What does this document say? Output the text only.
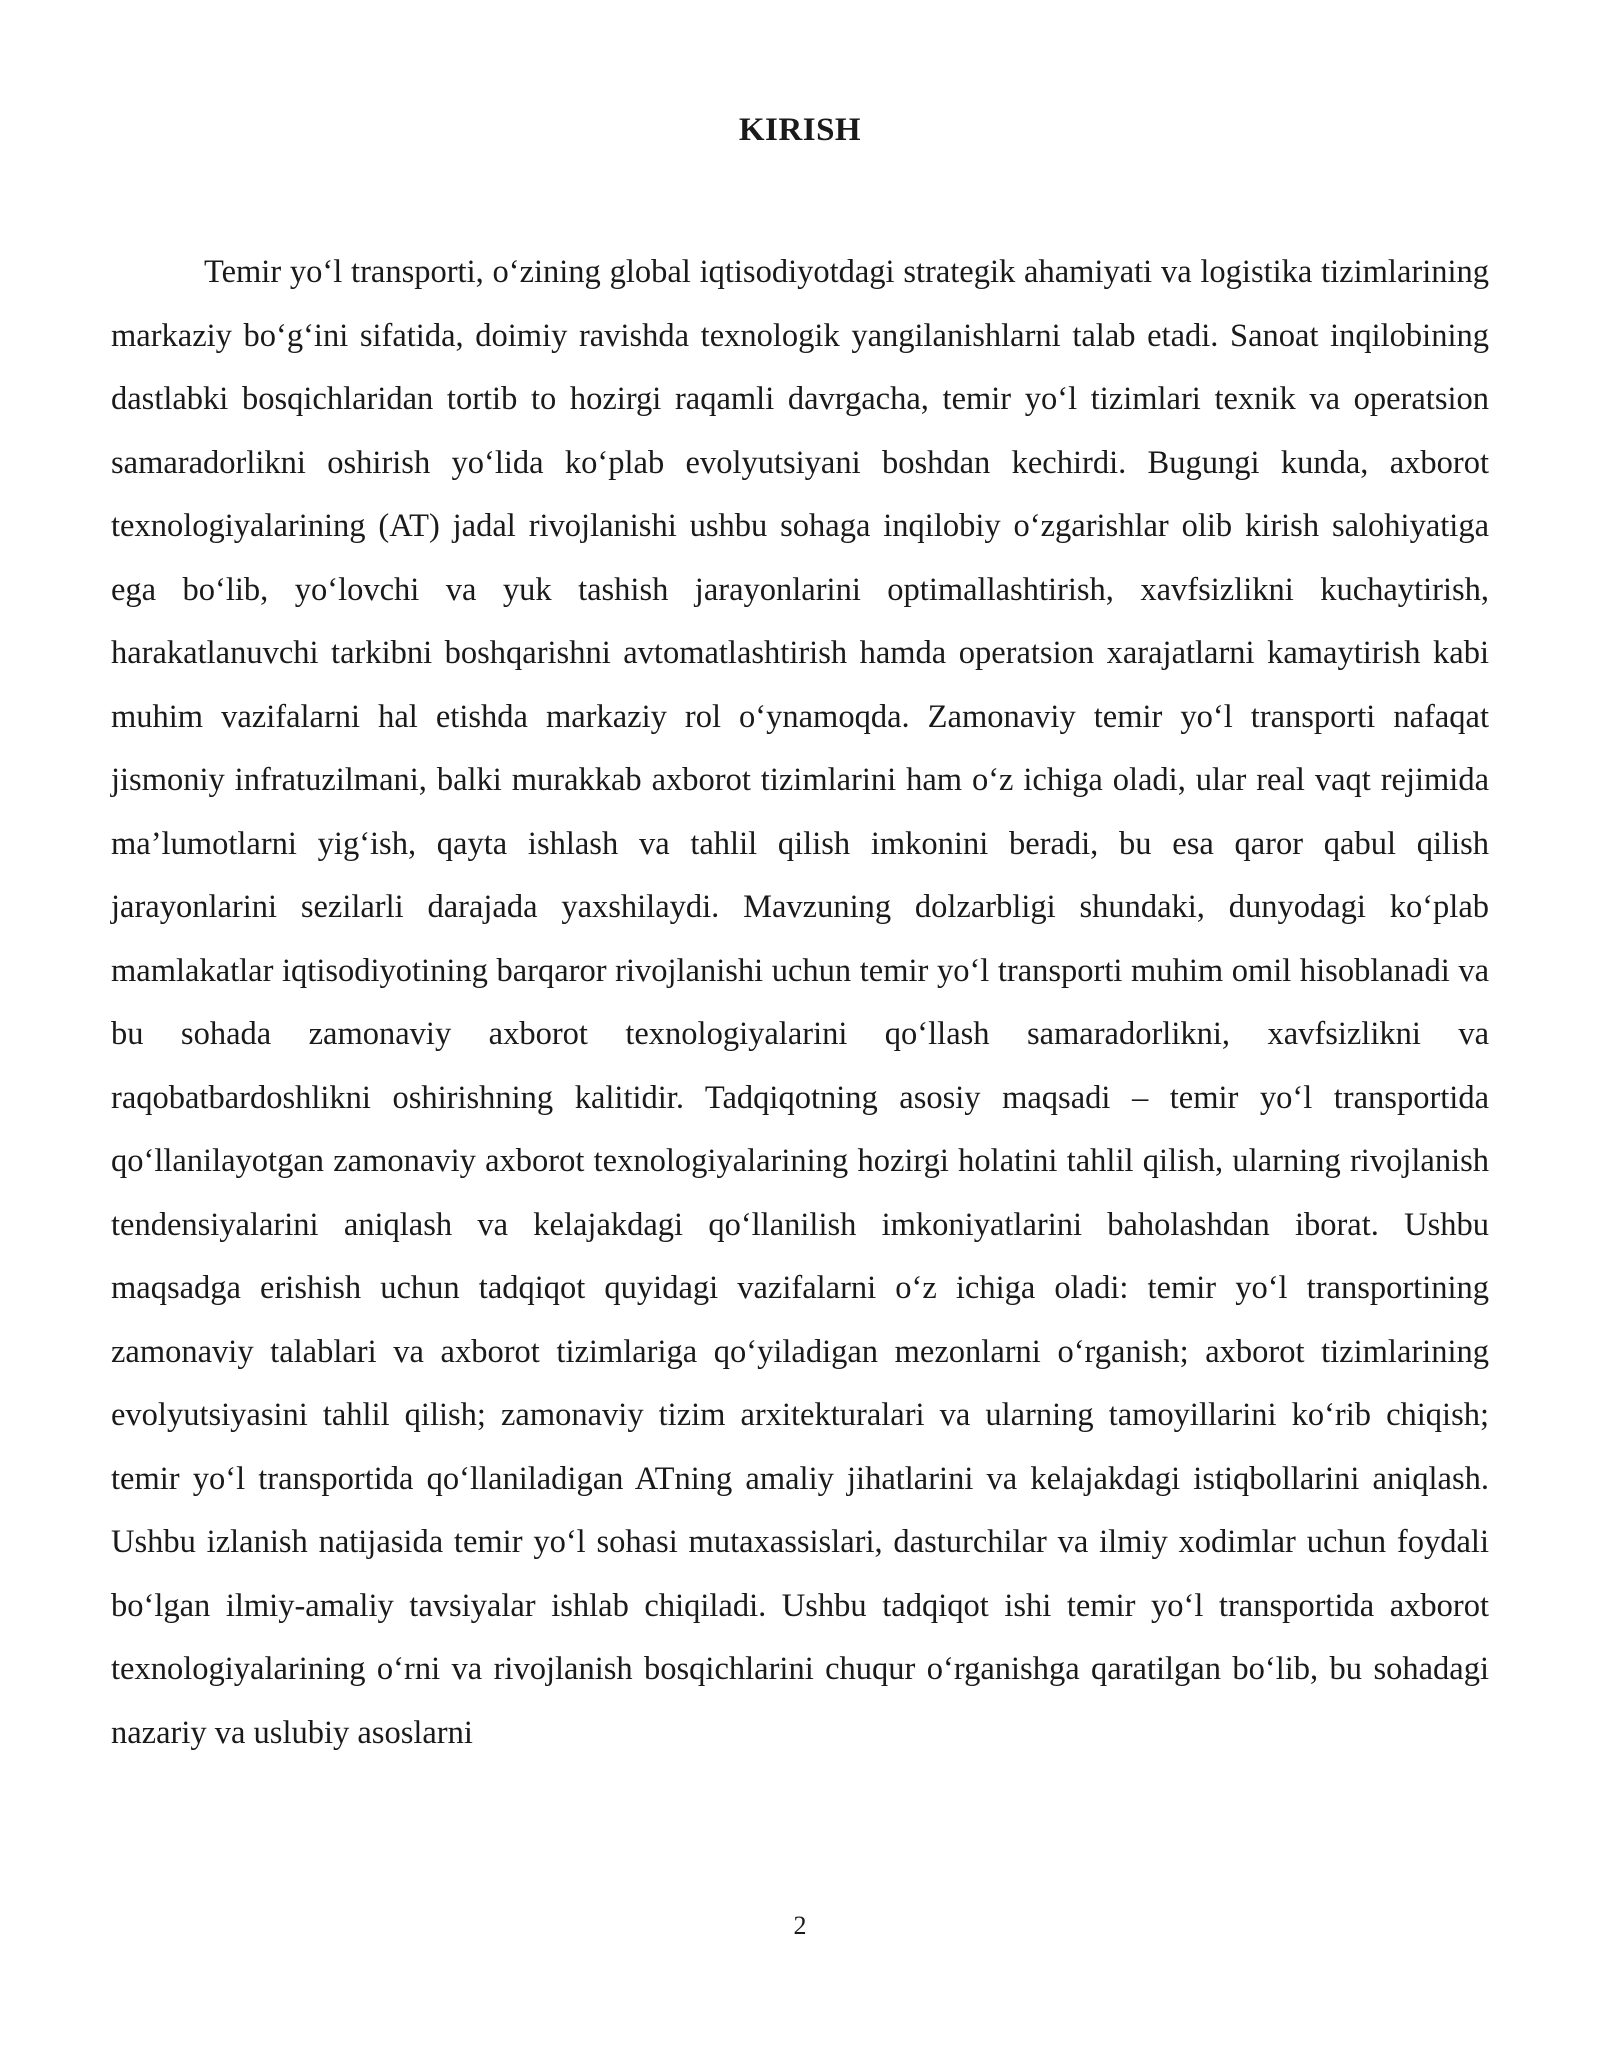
KIRISH

Temir yo‘l transporti, o‘zining global iqtisodiyotdagi strategik ahamiyati va logistika tizimlarining markaziy bo‘g‘ini sifatida, doimiy ravishda texnologik yangilanishlarni talab etadi. Sanoat inqilobining dastlabki bosqichlaridan tortib to hozirgi raqamli davrgacha, temir yo‘l tizimlari texnik va operatsion samaradorlikni oshirish yo‘lida ko‘plab evolyutsiyani boshdan kechirdi. Bugungi kunda, axborot texnologiyalarining (AT) jadal rivojlanishi ushbu sohaga inqilobiy o‘zgarishlar olib kirish salohiyatiga ega bo‘lib, yo‘lovchi va yuk tashish jarayonlarini optimallashtirish, xavfsizlikni kuchaytirish, harakatlanuvchi tarkibni boshqarishni avtomatlashtirish hamda operatsion xarajatlarni kamaytirish kabi muhim vazifalarni hal etishda markaziy rol o‘ynamoqda. Zamonaviy temir yo‘l transporti nafaqat jismoniy infratuzilmani, balki murakkab axborot tizimlarini ham o‘z ichiga oladi, ular real vaqt rejimida ma’lumotlarni yig‘ish, qayta ishlash va tahlil qilish imkonini beradi, bu esa qaror qabul qilish jarayonlarini sezilarli darajada yaxshilaydi. Mavzuning dolzarbligi shundaki, dunyodagi ko‘plab mamlakatlar iqtisodiyotining barqaror rivojlanishi uchun temir yo‘l transporti muhim omil hisoblanadi va bu sohada zamonaviy axborot texnologiyalarini qo‘llash samaradorlikni, xavfsizlikni va raqobatbardoshlikni oshirishning kalitidir. Tadqiqotning asosiy maqsadi – temir yo‘l transportida qo‘llanilayotgan zamonaviy axborot texnologiyalarining hozirgi holatini tahlil qilish, ularning rivojlanish tendensiyalarini aniqlash va kelajakdagi qo‘llanilish imkoniyatlarini baholashdan iborat. Ushbu maqsadga erishish uchun tadqiqot quyidagi vazifalarni o‘z ichiga oladi: temir yo‘l transportining zamonaviy talablari va axborot tizimlariga qo‘yiladigan mezonlarni o‘rganish; axborot tizimlarining evolyutsiyasini tahlil qilish; zamonaviy tizim arxitekturalari va ularning tamoyillarini ko‘rib chiqish; temir yo‘l transportida qo‘llaniladigan ATning amaliy jihatlarini va kelajakdagi istiqbollarini aniqlash. Ushbu izlanish natijasida temir yo‘l sohasi mutaxassislari, dasturchilar va ilmiy xodimlar uchun foydali bo‘lgan ilmiy-amaliy tavsiyalar ishlab chiqiladi. Ushbu tadqiqot ishi temir yo‘l transportida axborot texnologiyalarining o‘rni va rivojlanish bosqichlarini chuqur o‘rganishga qaratilgan bo‘lib, bu sohadagi nazariy va uslubiy asoslarni

2
